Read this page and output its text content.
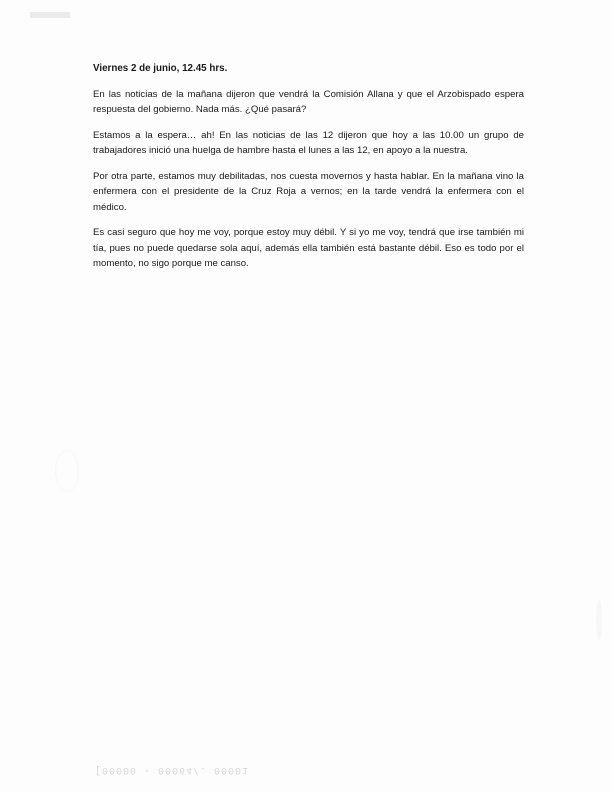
Viernes 2 de junio, 12.45 hrs.

En las noticias de la mañana dijeron que vendrá la Comisión Allana y que el Arzobispado espera respuesta del gobierno. Nada más. ¿Qué pasará?

Estamos a la espera… ah! En las noticias de las 12 dijeron que hoy a las 10.00 un grupo de trabajadores inició una huelga de hambre hasta el lunes a las 12, en apoyo a la nuestra.

Por otra parte, estamos muy debilitadas, nos cuesta movernos y hasta hablar. En la mañana vino la enfermera con el presidente de la Cruz Roja a vernos; en la tarde vendrá la enfermera con el médico.

Es casi seguro que hoy me voy, porque estoy muy débil. Y si yo me voy, tendrá que irse también mi tía, pues no puede quedarse sola aquí, además ella también está bastante débil. Eso es todo por el momento, no sigo porque me canso.

[00000 - 00064/. 00001
